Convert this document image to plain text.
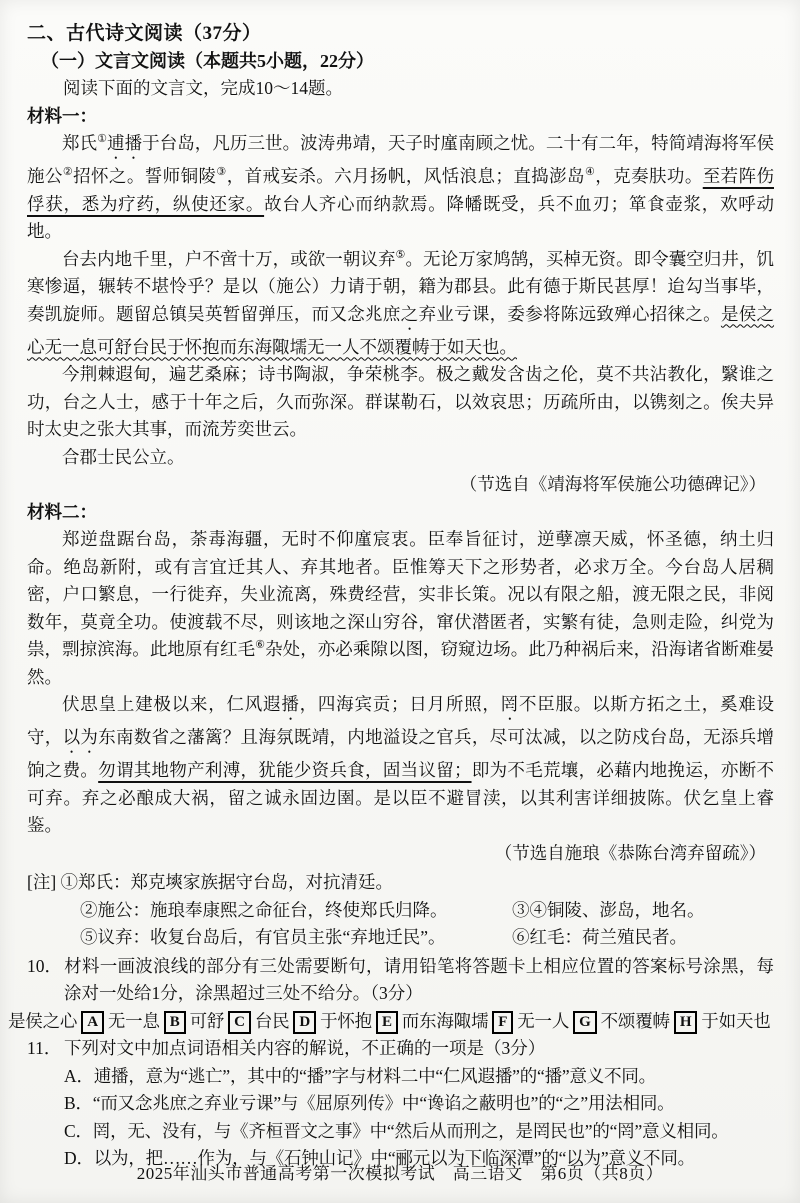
二、古代诗文阅读（37分）
（一）文言文阅读（本题共5小题，22分）
阅读下面的文言文，完成10～14题。
材料一：

郑氏①逋播于台岛，凡历三世。波涛弗靖，天子时廑南顾之忧。二十有二年，特简靖海将军侯施公②招怀之。誓师铜陵③，首戒妄杀。六月扬帆，风恬浪息；直捣澎岛④，克奏肤功。至若阵伤俘获，悉为疗药，纵使还家。故台人齐心而纳款焉。降幡既受，兵不血刃；箪食壶浆，欢呼动地。

台去内地千里，户不啻十万，或欲一朝议弃⑤。无论万家鸠鹄，买棹无资。即令囊空归井，饥寒惨逼，辗转不堪怜乎？是以（施公）力请于朝，籍为郡县。此有德于斯民甚厚！迨勾当事毕，奏凯旋师。题留总镇吴英暂留弹压，而又念兆庶之弃业亏课，委参将陈远致殚心招徕之。是侯之心无一息可舒台民于怀抱而东海陬壖无一人不颂覆帱于如天也。

今荆棘遐甸，遍艺桑麻；诗书陶淑，争荣桃李。极之戴发含齿之伦，莫不共沾教化，繄谁之功，台之人士，感于十年之后，久而弥深。群谋勒石，以效哀思；历疏所由，以镌刻之。俟夫异时太史之张大其事，而流芳奕世云。

合郡士民公立。

（节选自《靖海将军侯施公功德碑记》）
材料二：

郑逆盘踞台岛，荼毒海疆，无时不仰廑宸衷。臣奉旨征讨，逆孽凛天威，怀圣德，纳土归命。绝岛新附，或有言宜迁其人、弃其地者。臣惟筹天下之形势者，必求万全。今台岛人居稠密，户口繁息，一行徙弃，失业流离，殊费经营，实非长策。况以有限之船，渡无限之民，非阅数年，莫竟全功。使渡载不尽，则该地之深山穷谷，窜伏潜匿者，实繁有徒，急则走险，纠党为祟，剽掠滨海。此地原有红毛⑥杂处，亦必乘隙以图，窃窥边场。此乃种祸后来，沿海诸省断难晏然。

伏思皇上建极以来，仁风遐播，四海宾贡；日月所照，罔不臣服。以斯方拓之土，奚难设守，以为东南数省之藩篱？且海氛既靖，内地溢设之官兵，尽可汰减，以之防戍台岛，无添兵增饷之费。勿谓其地物产利溥，犹能少资兵食，固当议留；即为不毛荒壤，必藉内地挽运，亦断不可弃。弃之必酿成大祸，留之诚永固边圉。是以臣不避冒渎，以其利害详细披陈。伏乞皇上睿鉴。

（节选自施琅《恭陈台湾弃留疏》）
[注] ①郑氏：郑克塽家族据守台岛，对抗清廷。
②施公：施琅奉康熙之命征台，终使郑氏归降。	③④铜陵、澎岛，地名。
⑤议弃：收复台岛后，有官员主张“弃地迁民”。	⑥红毛：荷兰殖民者。
10． 材料一画波浪线的部分有三处需要断句，请用铅笔将答题卡上相应位置的答案标号涂黑，每涂对一处给1分，涂黑超过三处不给分。（3分）
是侯之心 A 无一息 B 可舒 C 台民 D 于怀抱 E 而东海陬壖 F 无一人 G 不颂覆帱 H 于如天也
11． 下列对文中加点词语相关内容的解说，不正确的一项是（3分）
A．逋播，意为“逃亡”，其中的“播”字与材料二中“仁风遐播”的“播”意义不同。
B．“而又念兆庶之弃业亏课”与《屈原列传》中“谗谄之蔽明也”的“之”用法相同。
C．罔，无、没有，与《齐桓晋文之事》中“然后从而刑之，是罔民也”的“罔”意义相同。
D．以为，把……作为，与《石钟山记》中“郦元以为下临深潭”的“以为”意义不同。
2025年汕头市普通高考第一次模拟考试　高三语文　第6页（共8页）
